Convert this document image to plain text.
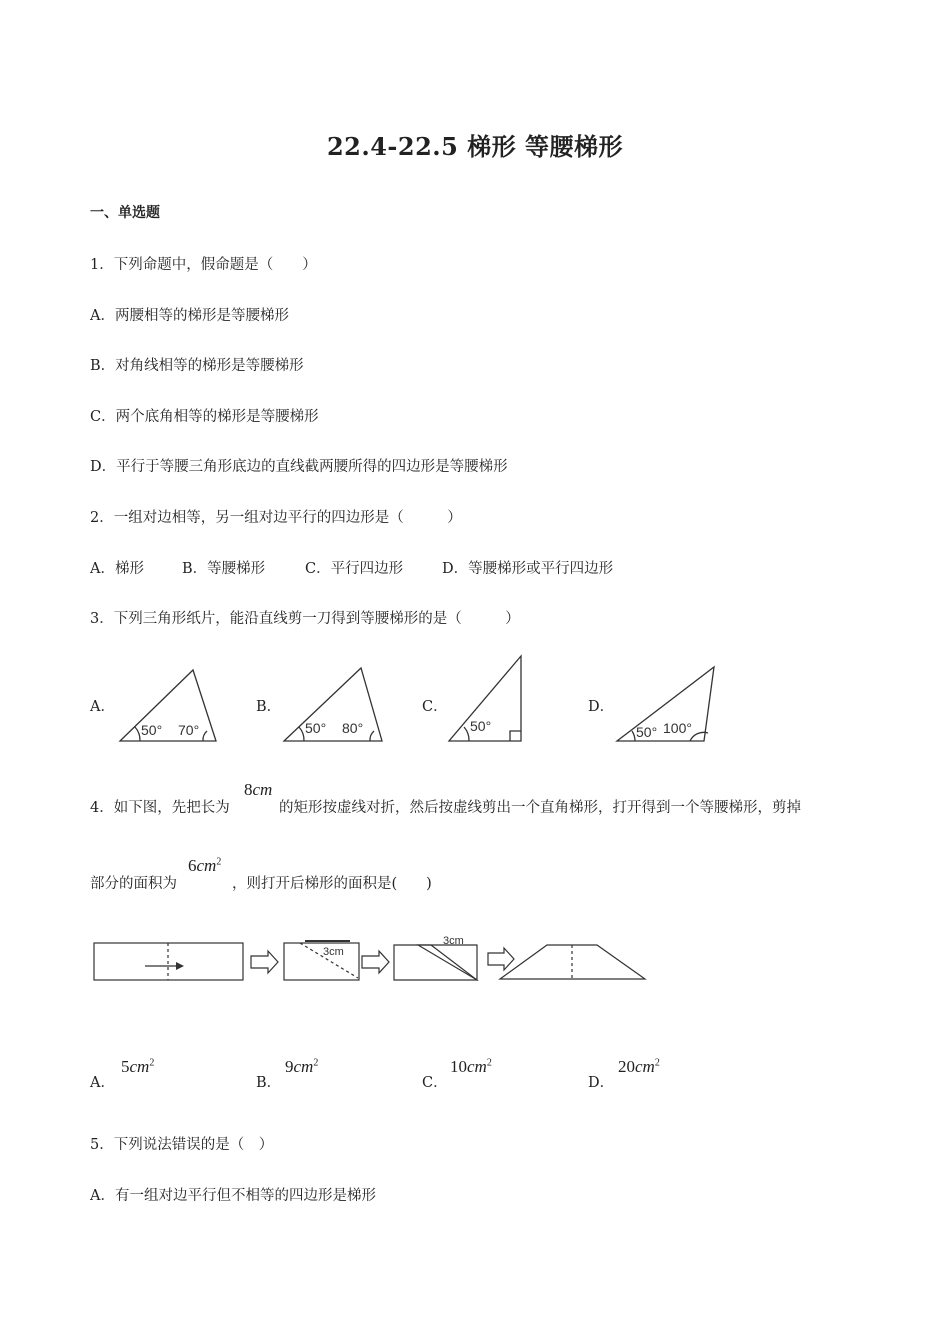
22.4-22.5 梯形 等腰梯形
一、单选题
1．下列命题中，假命题是（　　）
A．两腰相等的梯形是等腰梯形
B．对角线相等的梯形是等腰梯形
C．两个底角相等的梯形是等腰梯形
D．平行于等腰三角形底边的直线截两腰所得的四边形是等腰梯形
2．一组对边相等，另一组对边平行的四边形是（　　　）
A．梯形	B．等腰梯形	C．平行四边形	D．等腰梯形或平行四边形
3．下列三角形纸片，能沿直线剪一刀得到等腰梯形的是（　　　）
A．	B．	C．	D．
50° 70°	50° 80°	50°	50° 100°
4．如下图，先把长为
8cm
的矩形按虚线对折，然后按虚线剪出一个直角梯形，打开得到一个等腰梯形，剪掉
部分的面积为
$6cm^2$
，则打开后梯形的面积是(　　)
3cm
3cm
A．
$5cm^2$
B．
$9cm^2$
C．
$10cm^2$
D．
$20cm^2$
5．下列说法错误的是（　）
A．有一组对边平行但不相等的四边形是梯形
